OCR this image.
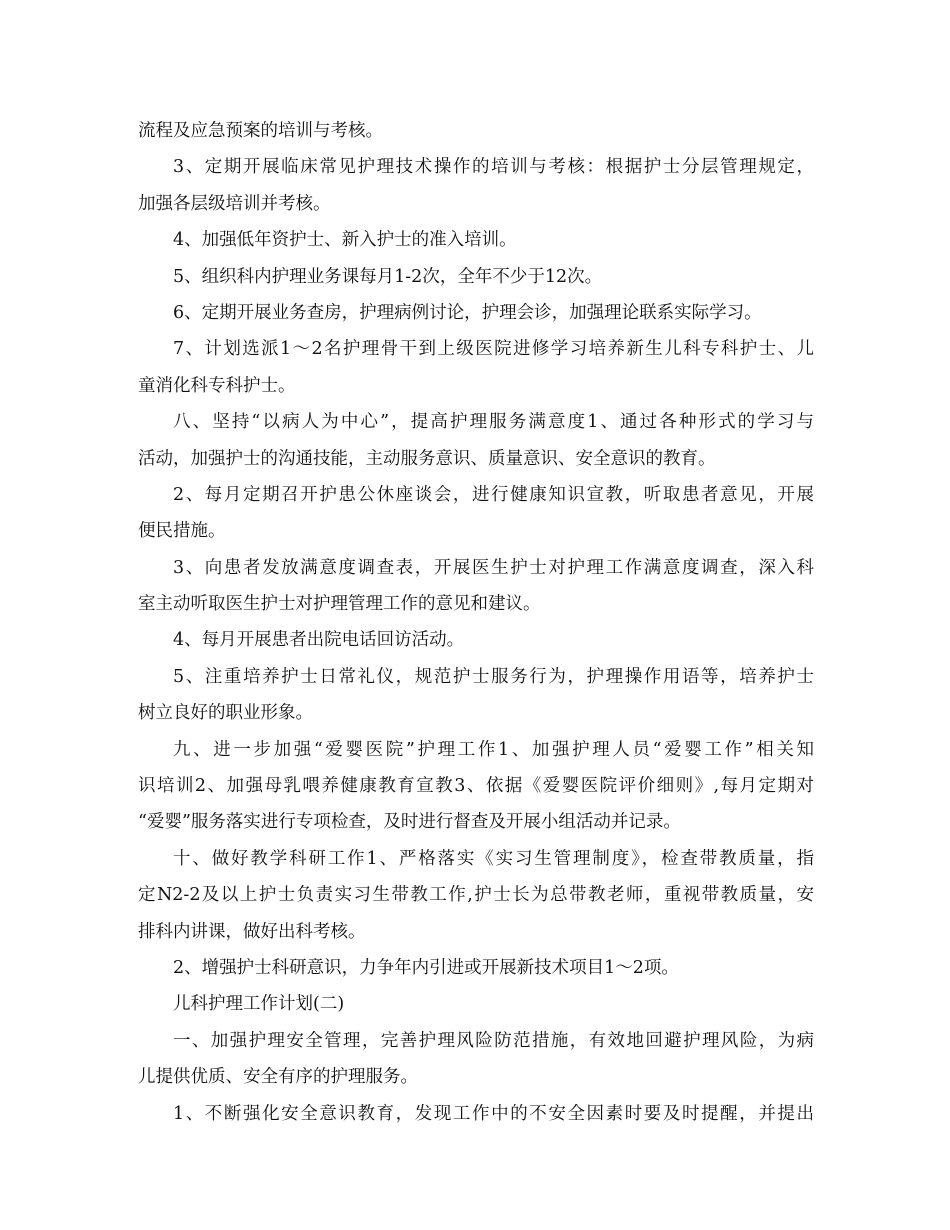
流程及应急预案的培训与考核。
3、定期开展临床常见护理技术操作的培训与考核：根据护士分层管理规定，
加强各层级培训并考核。
4、加强低年资护士、新入护士的准入培训。
5、组织科内护理业务课每月1-2次，全年不少于12次。
6、定期开展业务查房，护理病例讨论，护理会诊，加强理论联系实际学习。
7、计划选派1～2名护理骨干到上级医院进修学习培养新生儿科专科护士、儿
童消化科专科护士。
八、坚持“以病人为中心”，提高护理服务满意度1、通过各种形式的学习与
活动，加强护士的沟通技能，主动服务意识、质量意识、安全意识的教育。
2、每月定期召开护患公休座谈会，进行健康知识宣教，听取患者意见，开展
便民措施。
3、向患者发放满意度调查表，开展医生护士对护理工作满意度调查，深入科
室主动听取医生护士对护理管理工作的意见和建议。
4、每月开展患者出院电话回访活动。
5、注重培养护士日常礼仪，规范护士服务行为，护理操作用语等，培养护士
树立良好的职业形象。
九、进一步加强“爱婴医院”护理工作1、加强护理人员“爱婴工作”相关知
识培训2、加强母乳喂养健康教育宣教3、依据《爱婴医院评价细则》,每月定期对
“爱婴”服务落实进行专项检查，及时进行督查及开展小组活动并记录。
十、做好教学科研工作1、严格落实《实习生管理制度》，检查带教质量，指
定N2-2及以上护士负责实习生带教工作,护士长为总带教老师，重视带教质量，安
排科内讲课，做好出科考核。
2、增强护士科研意识，力争年内引进或开展新技术项目1～2项。
儿科护理工作计划(二)
一、加强护理安全管理，完善护理风险防范措施，有效地回避护理风险，为病
儿提供优质、安全有序的护理服务。
1、不断强化安全意识教育，发现工作中的不安全因素时要及时提醒，并提出
